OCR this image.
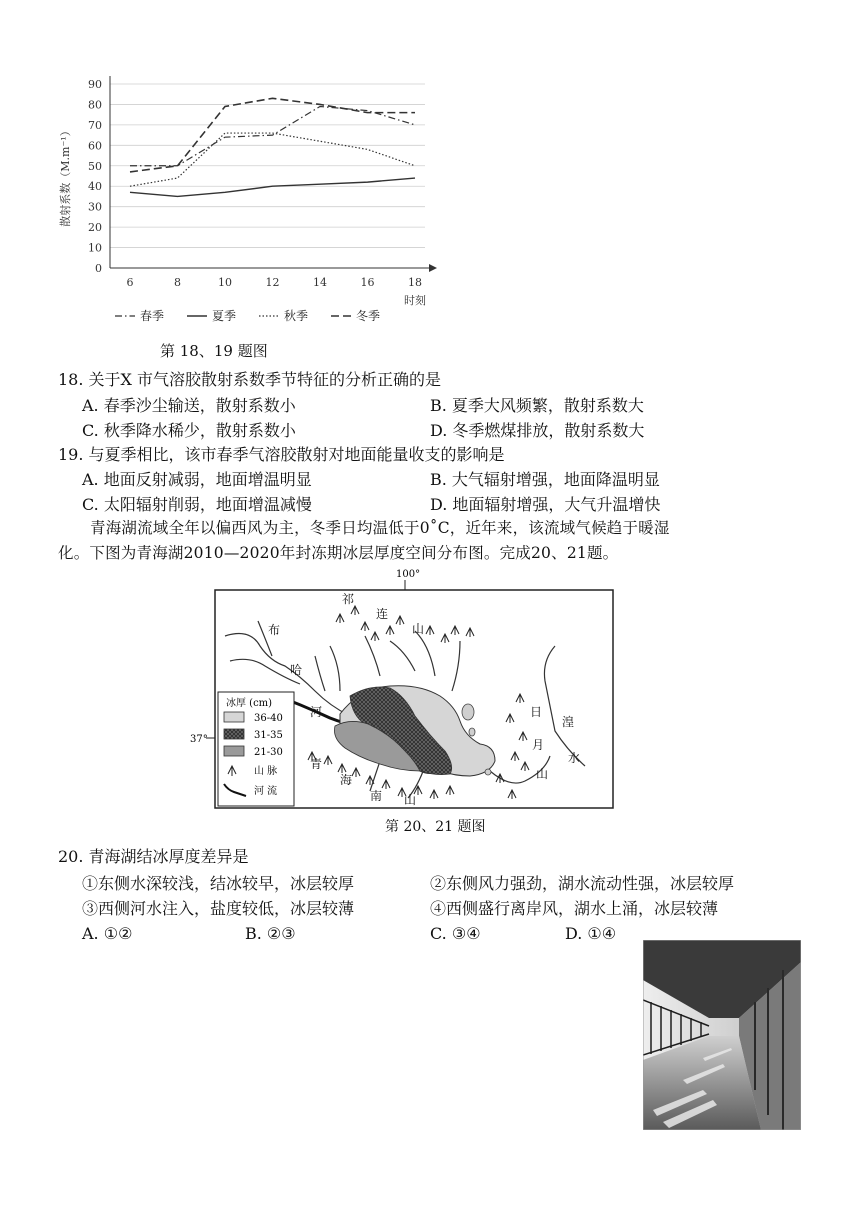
0
10
20
30
40
50
60
70
80
90
6	8	10	12	14	16	18
时刻
散射系数（M.m⁻¹）
春季	夏季	秋季	冬季
第 18、19 题图
18. 关于X 市气溶胶散射系数季节特征的分析正确的是
A. 春季沙尘输送，散射系数小	B. 夏季大风频繁，散射系数大
C. 秋季降水稀少，散射系数小	D. 冬季燃煤排放，散射系数大
19. 与夏季相比，该市春季气溶胶散射对地面能量收支的影响是
A. 地面反射减弱，地面增温明显	B. 大气辐射增强，地面降温明显
C. 太阳辐射削弱，地面增温减慢	D. 地面辐射增强，大气升温增快
青海湖流域全年以偏西风为主，冬季日均温低于0˚C，近年来，该流域气候趋于暖湿
化。下图为青海湖2010—2020年封冻期冰层厚度空间分布图。完成20、21题。
100°
37°
祁
连
山
布
哈
河	日
月
山
湟
水
青
海
南 山
冰厚 (cm)
36-40
31-35
21-30
山 脉
河 流
第 20、21 题图
20. 青海湖结冰厚度差异是
①东侧水深较浅，结冰较早，冰层较厚	②东侧风力强劲，湖水流动性强，冰层较厚
③西侧河水注入，盐度较低，冰层较薄	④西侧盛行离岸风，湖水上涌，冰层较薄
A. ①②	B. ②③	C. ③④	D. ①④
